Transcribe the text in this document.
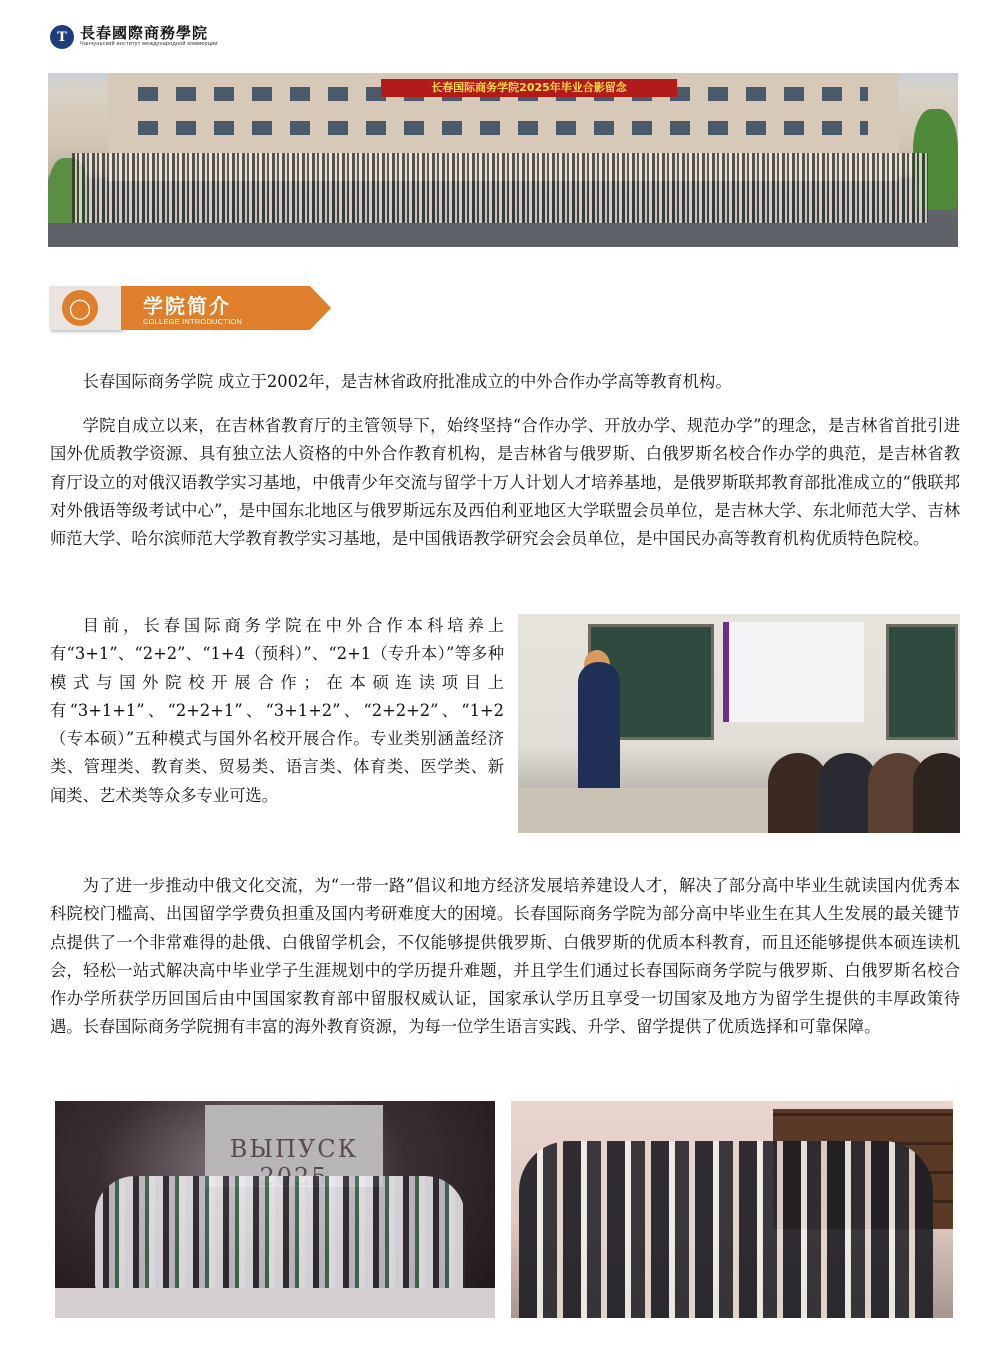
T 長春國際商務學院
Чанчуньский институт международной коммерции
长春国际商务学院2025年毕业合影留念
◯	学院简介
COLLEGE INTRODUCTION

长春国际商务学院 成立于2002年，是吉林省政府批准成立的中外合作办学高等教育机构。

学院自成立以来，在吉林省教育厅的主管领导下，始终坚持“合作办学、开放办学、规范办学”的理念，是吉林省首批引进国外优质教学资源、具有独立法人资格的中外合作教育机构，是吉林省与俄罗斯、白俄罗斯名校合作办学的典范，是吉林省教育厅设立的对俄汉语教学实习基地，中俄青少年交流与留学十万人计划人才培养基地，是俄罗斯联邦教育部批准成立的“俄联邦对外俄语等级考试中心”，是中国东北地区与俄罗斯远东及西伯利亚地区大学联盟会员单位，是吉林大学、东北师范大学、吉林师范大学、哈尔滨师范大学教育教学实习基地，是中国俄语教学研究会会员单位，是中国民办高等教育机构优质特色院校。

目前，长春国际商务学院在中外合作本科培养上有“3+1”、“2+2”、“1+4（预科）”、“2+1（专升本）”等多种模式与国外院校开展合作；在本硕连读项目上有“3+1+1”、“2+2+1”、“3+1+2”、“2+2+2”、“1+2（专本硕）”五种模式与国外名校开展合作。专业类别涵盖经济类、管理类、教育类、贸易类、语言类、体育类、医学类、新闻类、艺术类等众多专业可选。

为了进一步推动中俄文化交流，为“一带一路”倡议和地方经济发展培养建设人才，解决了部分高中毕业生就读国内优秀本科院校门槛高、出国留学学费负担重及国内考研难度大的困境。长春国际商务学院为部分高中毕业生在其人生发展的最关键节点提供了一个非常难得的赴俄、白俄留学机会，不仅能够提供俄罗斯、白俄罗斯的优质本科教育，而且还能够提供本硕连读机会，轻松一站式解决高中毕业学子生涯规划中的学历提升难题，并且学生们通过长春国际商务学院与俄罗斯、白俄罗斯名校合作办学所获学历回国后由中国国家教育部中留服权威认证，国家承认学历且享受一切国家及地方为留学生提供的丰厚政策待遇。长春国际商务学院拥有丰富的海外教育资源，为每一位学生语言实践、升学、留学提供了优质选择和可靠保障。

ВЫПУСК
